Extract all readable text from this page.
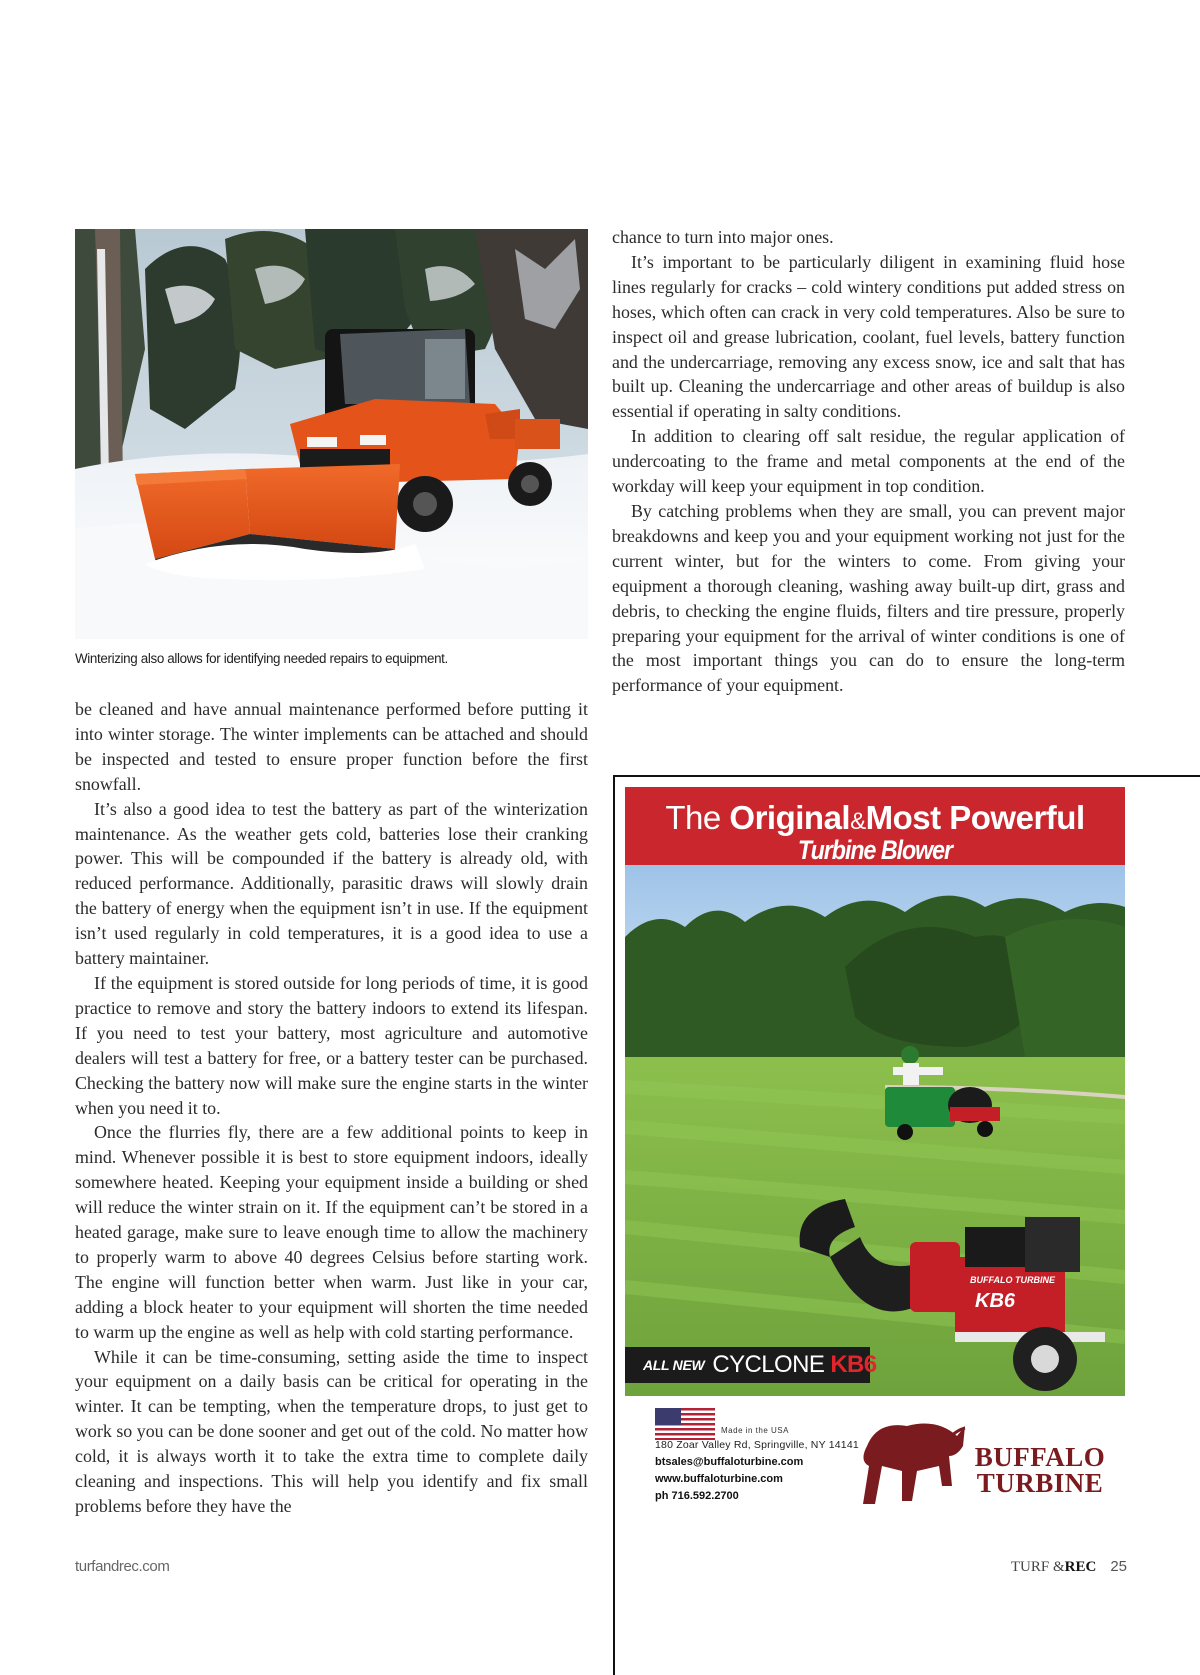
Winterizing also allows for identifying needed repairs to equipment.

be cleaned and have annual maintenance performed before putting it into winter storage. The winter implements can be attached and should be inspected and tested to ensure proper function before the first snowfall.

It’s also a good idea to test the battery as part of the winterization maintenance. As the weather gets cold, batteries lose their cranking power. This will be compounded if the battery is already old, with reduced performance. Additionally, parasitic draws will slowly drain the battery of energy when the equipment isn’t in use. If the equipment isn’t used regularly in cold temperatures, it is a good idea to use a battery maintainer.

If the equipment is stored outside for long periods of time, it is good practice to remove and story the battery indoors to extend its lifespan. If you need to test your battery, most agriculture and automotive dealers will test a battery for free, or a battery tester can be purchased. Checking the battery now will make sure the engine starts in the winter when you need it to.

Once the flurries fly, there are a few additional points to keep in mind. Whenever possible it is best to store equipment indoors, ideally somewhere heated. Keeping your equipment inside a building or shed will reduce the winter strain on it. If the equipment can’t be stored in a heated garage, make sure to leave enough time to allow the machinery to properly warm to above 40 degrees Celsius before starting work. The engine will function better when warm. Just like in your car, adding a block heater to your equipment will shorten the time needed to warm up the engine as well as help with cold starting performance.

While it can be time-consuming, setting aside the time to inspect your equipment on a daily basis can be critical for operating in the winter. It can be tempting, when the temperature drops, to just get to work so you can be done sooner and get out of the cold. No matter how cold, it is always worth it to take the extra time to complete daily cleaning and inspections. This will help you identify and fix small problems before they have the

chance to turn into major ones.

It’s important to be particularly diligent in examining fluid hose lines regularly for cracks – cold wintery conditions put added stress on hoses, which often can crack in very cold temperatures. Also be sure to inspect oil and grease lubrication, coolant, fuel levels, battery function and the undercarriage, removing any excess snow, ice and salt that has built up. Cleaning the undercarriage and other areas of buildup is also essential if operating in salty conditions.

In addition to clearing off salt residue, the regular application of undercoating to the frame and metal components at the end of the workday will keep your equipment in top condition.

By catching problems when they are small, you can prevent major breakdowns and keep you and your equipment working not just for the current winter, but for the winters to come. From giving your equipment a thorough cleaning, washing away built-up dirt, grass and debris, to checking the engine fluids, filters and tire pressure, properly preparing your equipment for the arrival of winter conditions is one of the most important things you can do to ensure the long-term performance of your equipment.

BUFFALO TURBINE
KB6
The Original&Most Powerful
Turbine Blower
ALL NEW CYCLONE KB6
Made in the USA
180 Zoar Valley Rd, Springville, NY 14141
btsales@buffaloturbine.com
www.buffaloturbine.com
ph 716.592.2700
BUFFALO
TURBINE
turfandrec.com	TURF &REC 25
